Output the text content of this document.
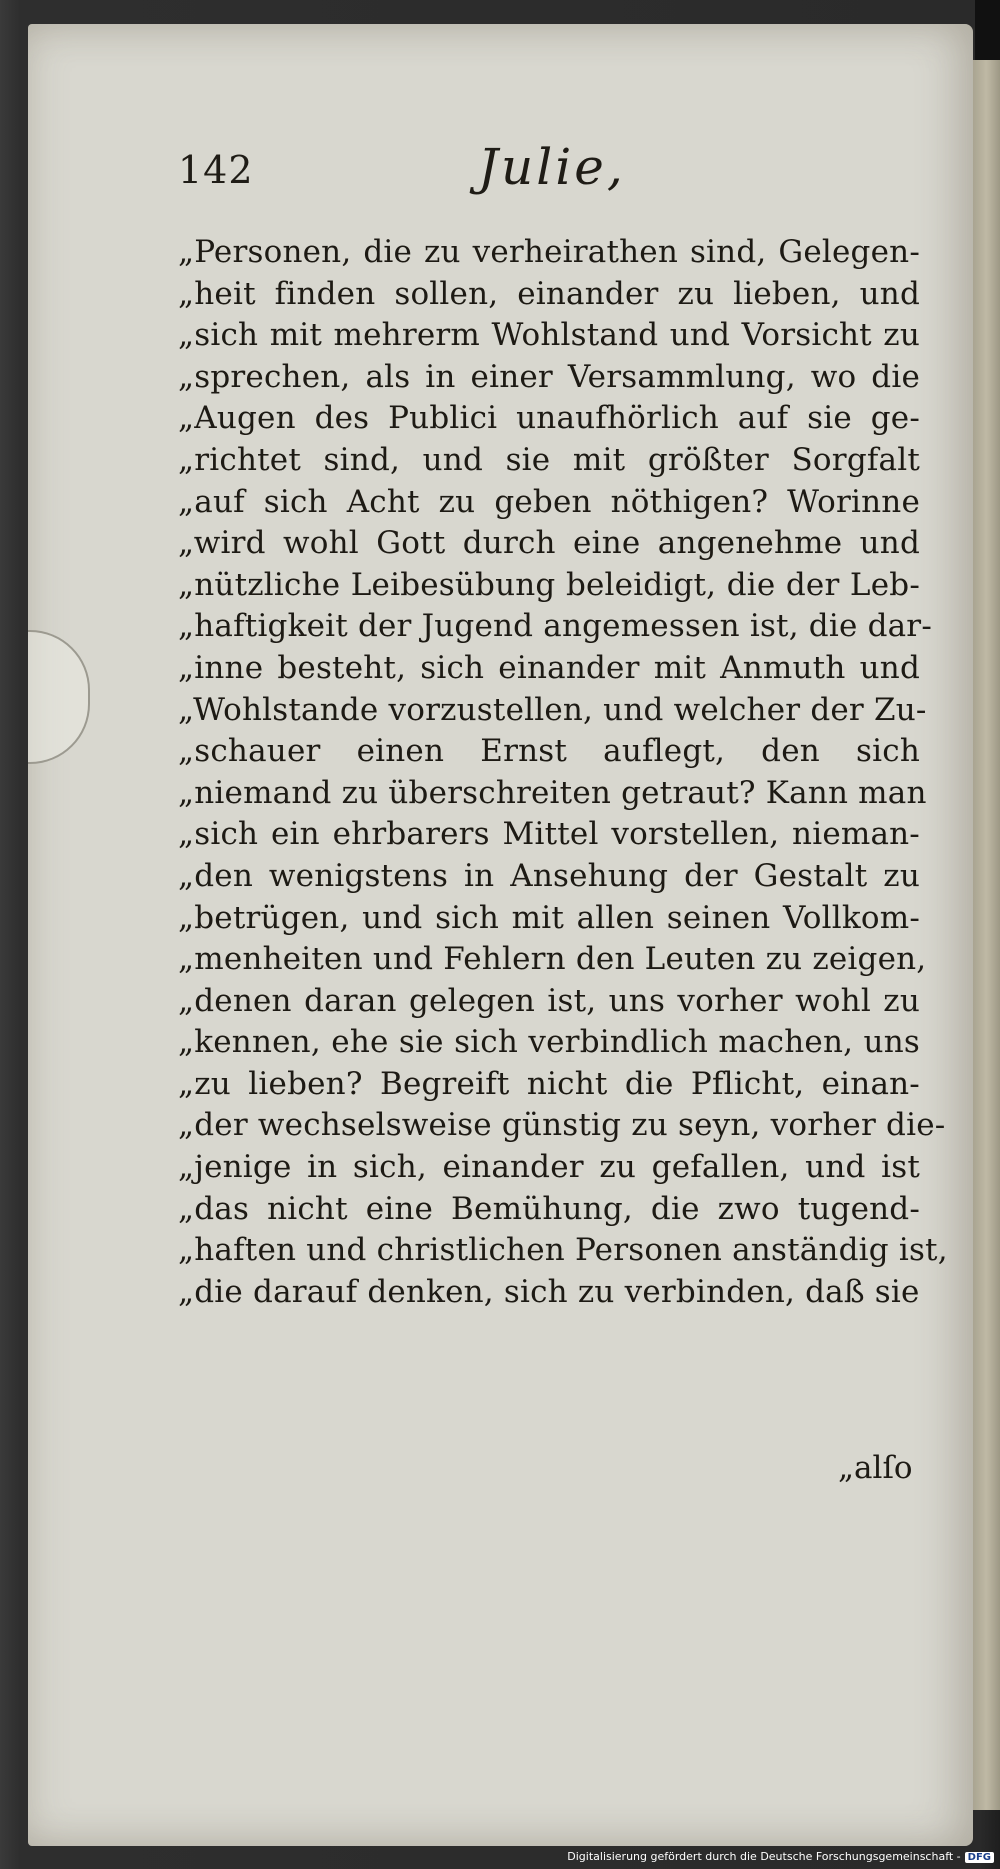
142	Julie,
„Personen, die zu verheirathen sind, Gelegen-
„heit finden sollen, einander zu lieben, und
„sich mit mehrerm Wohlstand und Vorsicht zu
„sprechen, als in einer Versammlung, wo die
„Augen des Publici unaufhörlich auf sie ge-
„richtet sind, und sie mit größter Sorgfalt
„auf sich Acht zu geben nöthigen? Worinne
„wird wohl Gott durch eine angenehme und
„nützliche Leibesübung beleidigt, die der Leb-
„haftigkeit der Jugend angemessen ist, die dar-
„inne besteht, sich einander mit Anmuth und
„Wohlstande vorzustellen, und welcher der Zu-
„schauer einen Ernst auflegt, den sich
„niemand zu überschreiten getraut? Kann man
„sich ein ehrbarers Mittel vorstellen, nieman-
„den wenigstens in Ansehung der Gestalt zu
„betrügen, und sich mit allen seinen Vollkom-
„menheiten und Fehlern den Leuten zu zeigen,
„denen daran gelegen ist, uns vorher wohl zu
„kennen, ehe sie sich verbindlich machen, uns
„zu lieben? Begreift nicht die Pflicht, einan-
„der wechselsweise günstig zu seyn, vorher die-
„jenige in sich, einander zu gefallen, und ist
„das nicht eine Bemühung, die zwo tugend-
„haften und christlichen Personen anständig ist,
„die darauf denken, sich zu verbinden, daß sie
„alſo
Digitalisierung gefördert durch die Deutsche Forschungsgemeinschaft - DFG
